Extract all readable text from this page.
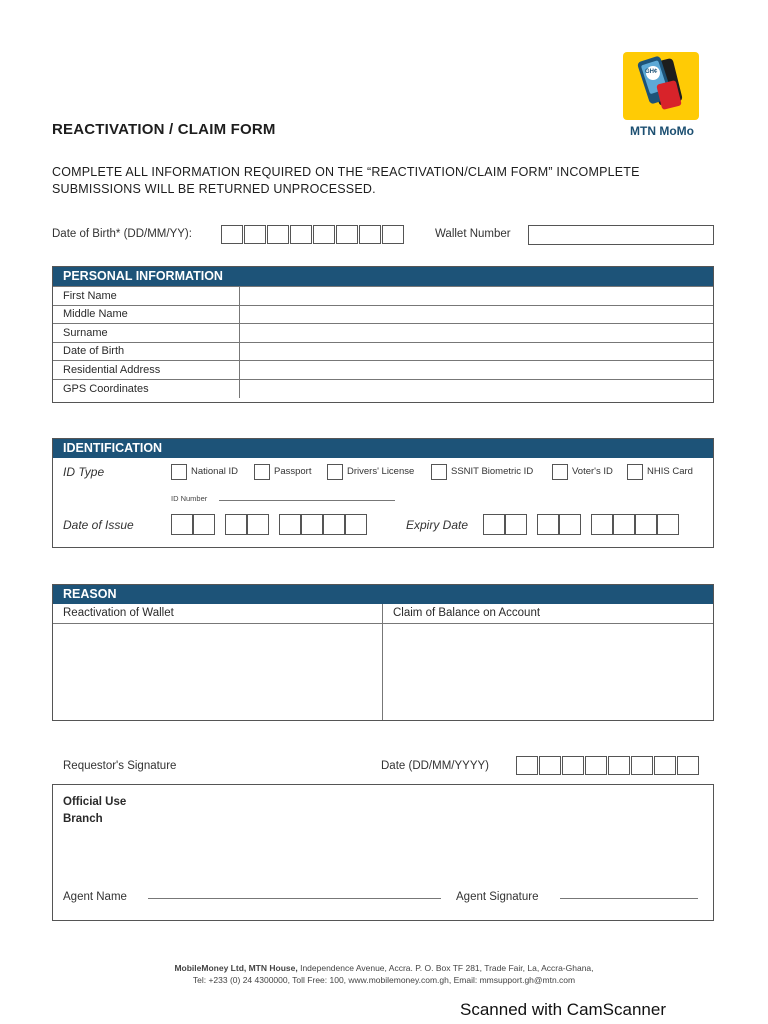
GH¢
MTN MoMo
REACTIVATION / CLAIM FORM
COMPLETE ALL INFORMATION REQUIRED ON THE “REACTIVATION/CLAIM FORM” INCOMPLETE
SUBMISSIONS WILL BE RETURNED UNPROCESSED.
Date of Birth* (DD/MM/YY):	Wallet Number
PERSONAL INFORMATION
First Name	
Middle Name	
Surname	
Date of Birth	
Residential Address	
GPS Coordinates	
IDENTIFICATION
ID Type	National ID	Passport	Drivers' License	SSNIT Biometric ID	Voter's ID	NHIS Card
ID Number
Date of Issue	Expiry Date
REASON
Reactivation of Wallet	Claim of Balance on Account
Requestor's Signature	Date (DD/MM/YYYY)
Official Use
Branch
Agent Name	Agent Signature
MobileMoney Ltd, MTN House, Independence Avenue, Accra. P. O. Box TF 281, Trade Fair, La, Accra-Ghana,
Tel: +233 (0) 24 4300000, Toll Free: 100, www.mobilemoney.com.gh, Email: mmsupport.gh@mtn.com
Scanned with CamScanner
